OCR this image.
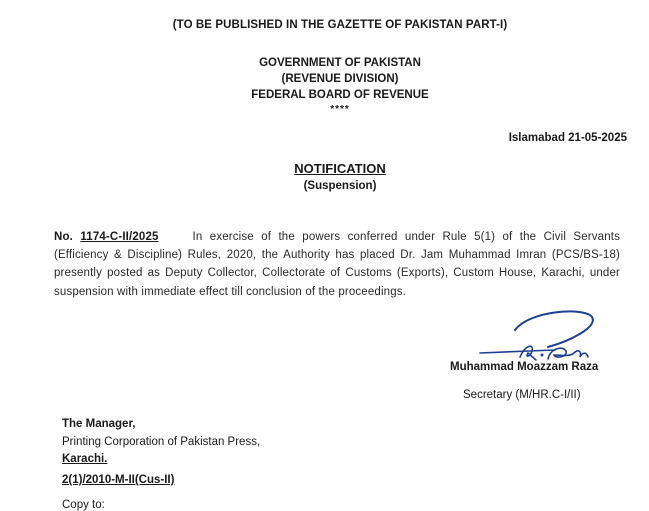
(TO BE PUBLISHED IN THE GAZETTE OF PAKISTAN PART-I)
GOVERNMENT OF PAKISTAN
(REVENUE DIVISION)
FEDERAL BOARD OF REVENUE
****
Islamabad 21-05-2025
NOTIFICATION
(Suspension)
No. 1174-C-II/2025	In exercise of the powers conferred under Rule 5(1) of the Civil Servants (Efficiency & Discipline) Rules, 2020, the Authority has placed Dr. Jam Muhammad Imran (PCS/BS-18) presently posted as Deputy Collector, Collectorate of Customs (Exports), Custom House, Karachi, under suspension with immediate effect till conclusion of the proceedings.
Muhammad Moazzam Raza
Secretary (M/HR.C-I/II)
The Manager,
Printing Corporation of Pakistan Press,
Karachi.
2(1)/2010-M-II(Cus-II)
Copy to:
